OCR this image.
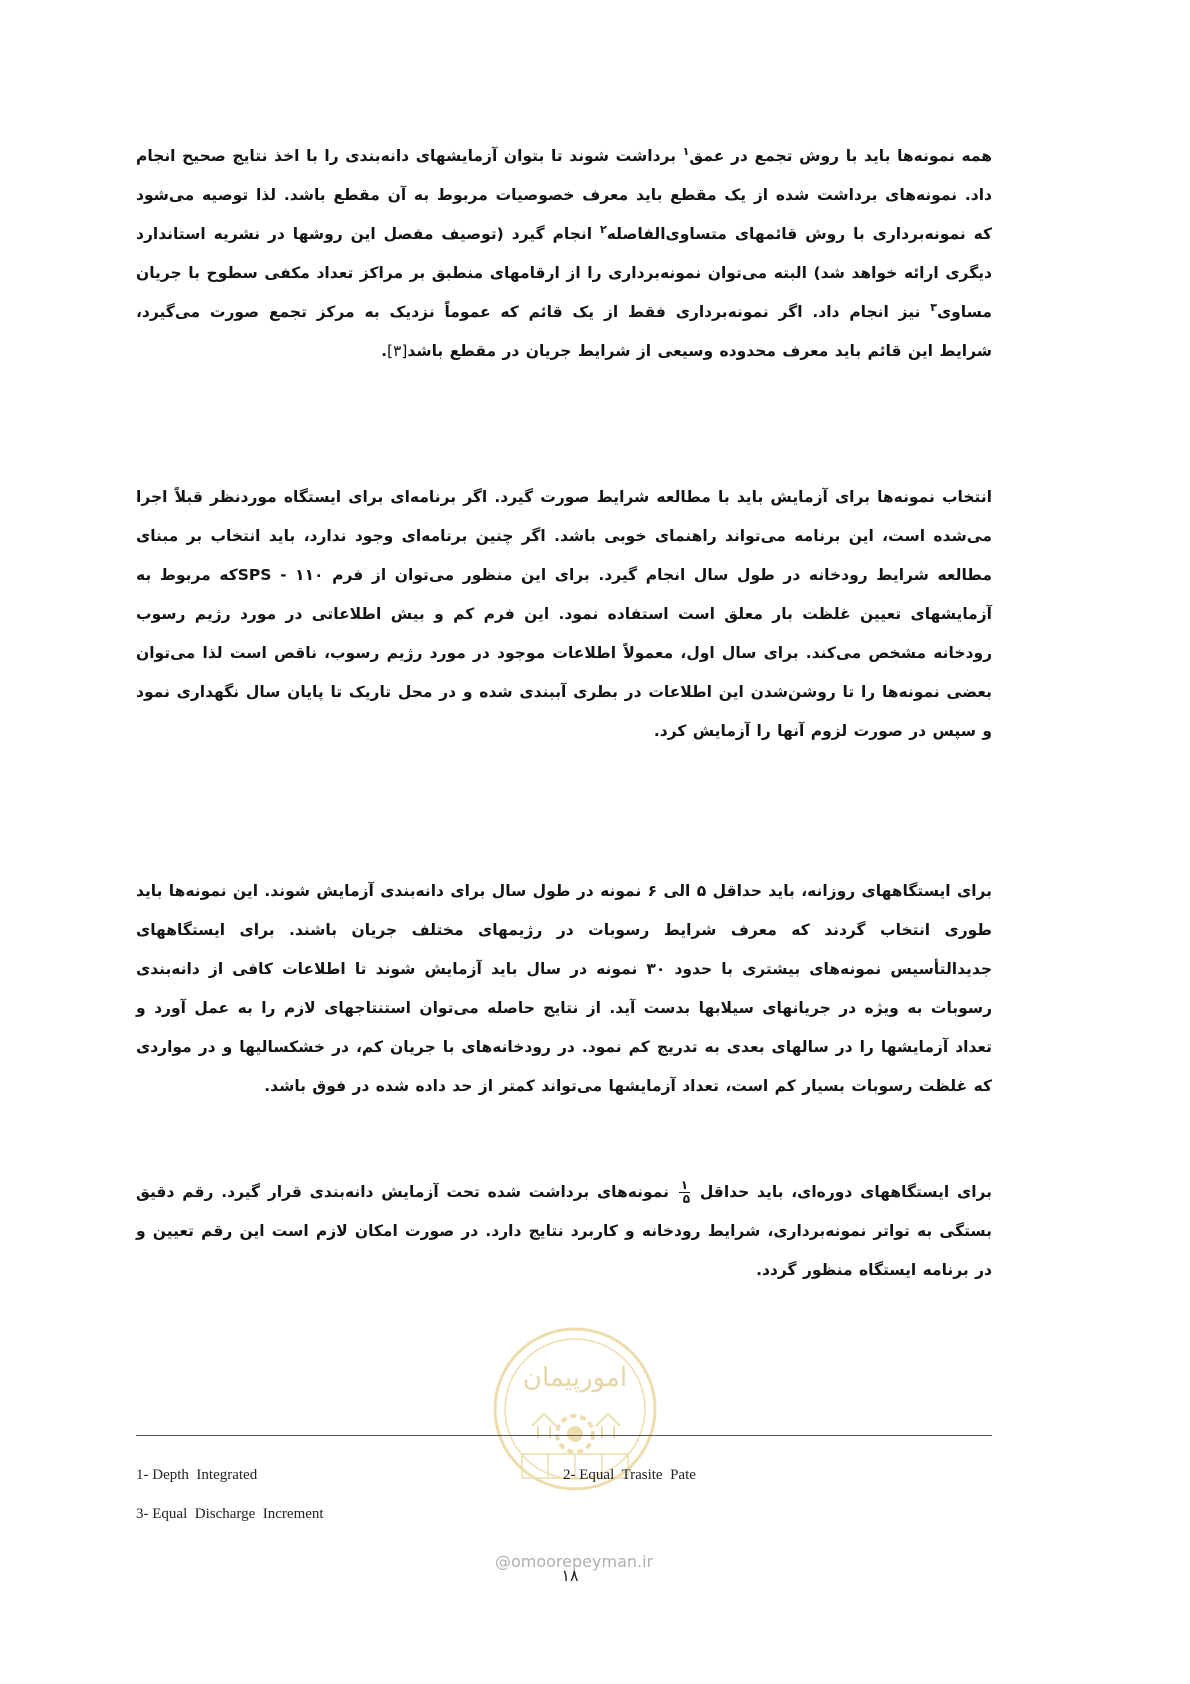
همه نمونه‌ها باید با روش تجمع در عمق$^۱$ برداشت شوند تا بتوان آزمایشهای دانه‌بندی را با اخذ نتایج صحیح انجام داد. نمونه‌های برداشت شده از یک مقطع باید معرف خصوصیات مربوط به آن مقطع باشد. لذا توصیه می‌شود که نمونه‌برداری با روش قائمهای متساوی‌الفاصله$^۲$ انجام گیرد (توصیف مفصل این روشها در نشریه استاندارد دیگری ارائه خواهد شد) البته می‌توان نمونه‌برداری را از ارقامهای منطبق بر مراکز تعداد مکفی سطوح با جریان مساوی$^۳$ نیز انجام داد. اگر نمونه‌برداری فقط از یک قائم که عموماً نزدیک به مرکز تجمع صورت می‌گیرد، شرایط این قائم باید معرف محدوده وسیعی از شرایط جریان در مقطع باشد[۳].

انتخاب نمونه‌ها برای آزمایش باید با مطالعه شرایط صورت گیرد. اگر برنامه‌ای برای ایستگاه موردنظر قبلاً اجرا می‌شده است، این برنامه می‌تواند راهنمای خوبی باشد. اگر چنین برنامه‌ای وجود ندارد، باید انتخاب بر مبنای مطالعه شرایط رودخانه در طول سال انجام گیرد. برای این منظور می‌توان از فرم ۱۱۰ - SPSکه مربوط به آزمایشهای تعیین غلظت بار معلق است استفاده نمود. این فرم کم و بیش اطلاعاتی در مورد رژیم رسوب رودخانه مشخص می‌کند. برای سال اول، معمولاً اطلاعات موجود در مورد رژیم رسوب، ناقص است لذا می‌توان بعضی نمونه‌ها را تا روشن‌شدن این اطلاعات در بطری آببندی شده و در محل تاریک تا پایان سال نگهداری نمود و سپس در صورت لزوم آنها را آزمایش کرد.

برای ایستگاههای روزانه، باید حداقل ۵ الی ۶ نمونه در طول سال برای دانه‌بندی آزمایش شوند. این نمونه‌ها باید طوری انتخاب گردند که معرف شرایط رسوبات در رژیمهای مختلف جریان باشند. برای ایستگاههای جدیدالتأسیس نمونه‌های بیشتری با حدود ۳۰ نمونه در سال باید آزمایش شوند تا اطلاعات کافی از دانه‌بندی رسوبات به ویژه در جریانهای سیلابها بدست آید. از نتایج حاصله می‌توان استنتاجهای لازم را به عمل آورد و تعداد آزمایشها را در سالهای بعدی به تدریج کم نمود. در رودخانه‌های با جریان کم، در خشکسالیها و در مواردی که غلظت رسوبات بسیار کم است، تعداد آزمایشها می‌تواند کمتر از حد داده شده در فوق باشد.

برای ایستگاههای دوره‌ای، باید حداقل
$\frac{۱}{۵}$
نمونه‌های برداشت شده تحت آزمایش دانه‌بندی قرار گیرد. رقم دقیق بستگی به تواتر نمونه‌برداری، شرایط رودخانه و کاربرد نتایج دارد. در صورت امکان لازم است این رقم تعیین و در برنامه ایستگاه منظور گردد.

امورپیمان
1- Depth  Integrated	2- Equal  Trasite  Pate
3- Equal  Discharge  Increment
@omoorepeyman.ir
۱۸
